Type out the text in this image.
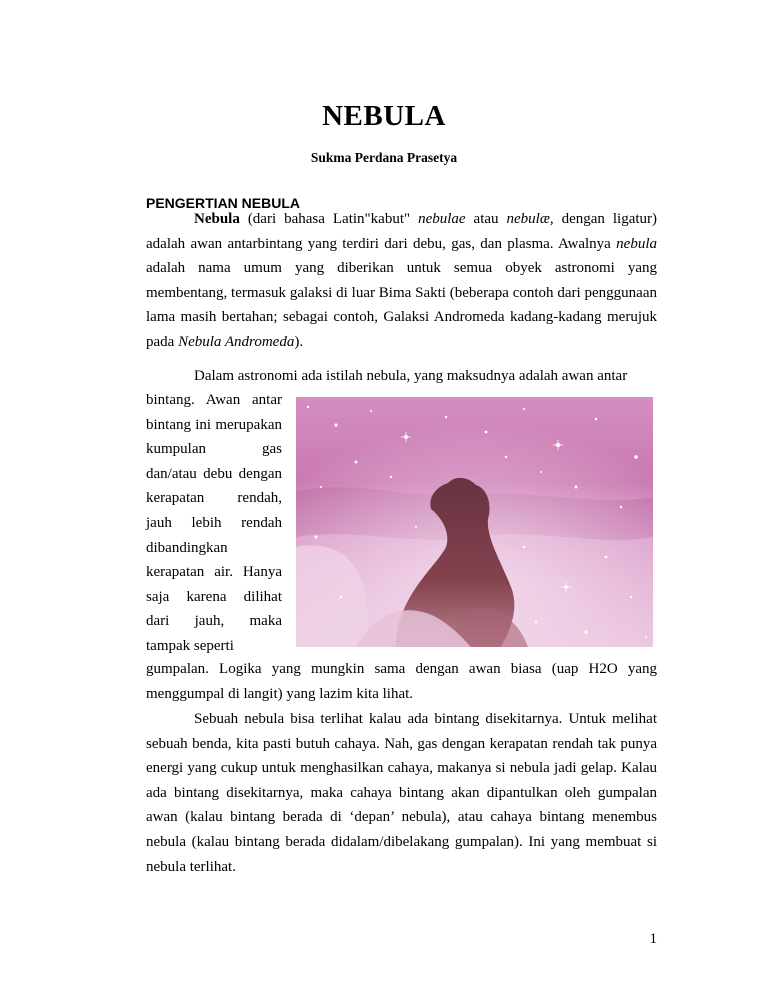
NEBULA
Sukma Perdana Prasetya
PENGERTIAN NEBULA

Nebula (dari bahasa Latin"kabut" nebulae atau nebulæ, dengan ligatur) adalah awan antarbintang yang terdiri dari debu, gas, dan plasma. Awalnya nebula adalah nama umum yang diberikan untuk semua obyek astronomi yang membentang, termasuk galaksi di luar Bima Sakti (beberapa contoh dari penggunaan lama masih bertahan; sebagai contoh, Galaksi Andromeda kadang-kadang merujuk pada Nebula Andromeda).

Dalam astronomi ada istilah nebula, yang maksudnya adalah awan antar

bintang. Awan antar bintang ini merupakan kumpulan gas dan/atau debu dengan kerapatan rendah, jauh lebih rendah dibandingkan kerapatan air. Hanya saja karena dilihat dari jauh, maka tampak seperti

gumpalan. Logika yang mungkin sama dengan awan biasa (uap H2O yang menggumpal di langit) yang lazim kita lihat.

Sebuah nebula bisa terlihat kalau ada bintang disekitarnya. Untuk melihat sebuah benda, kita pasti butuh cahaya. Nah, gas dengan kerapatan rendah tak punya energi yang cukup untuk menghasilkan cahaya, makanya si nebula jadi gelap. Kalau ada bintang disekitarnya, maka cahaya bintang akan dipantulkan oleh gumpalan awan (kalau bintang berada di ‘depan’ nebula), atau cahaya bintang menembus nebula (kalau bintang berada didalam/dibelakang gumpalan). Ini yang membuat si nebula terlihat.

1
